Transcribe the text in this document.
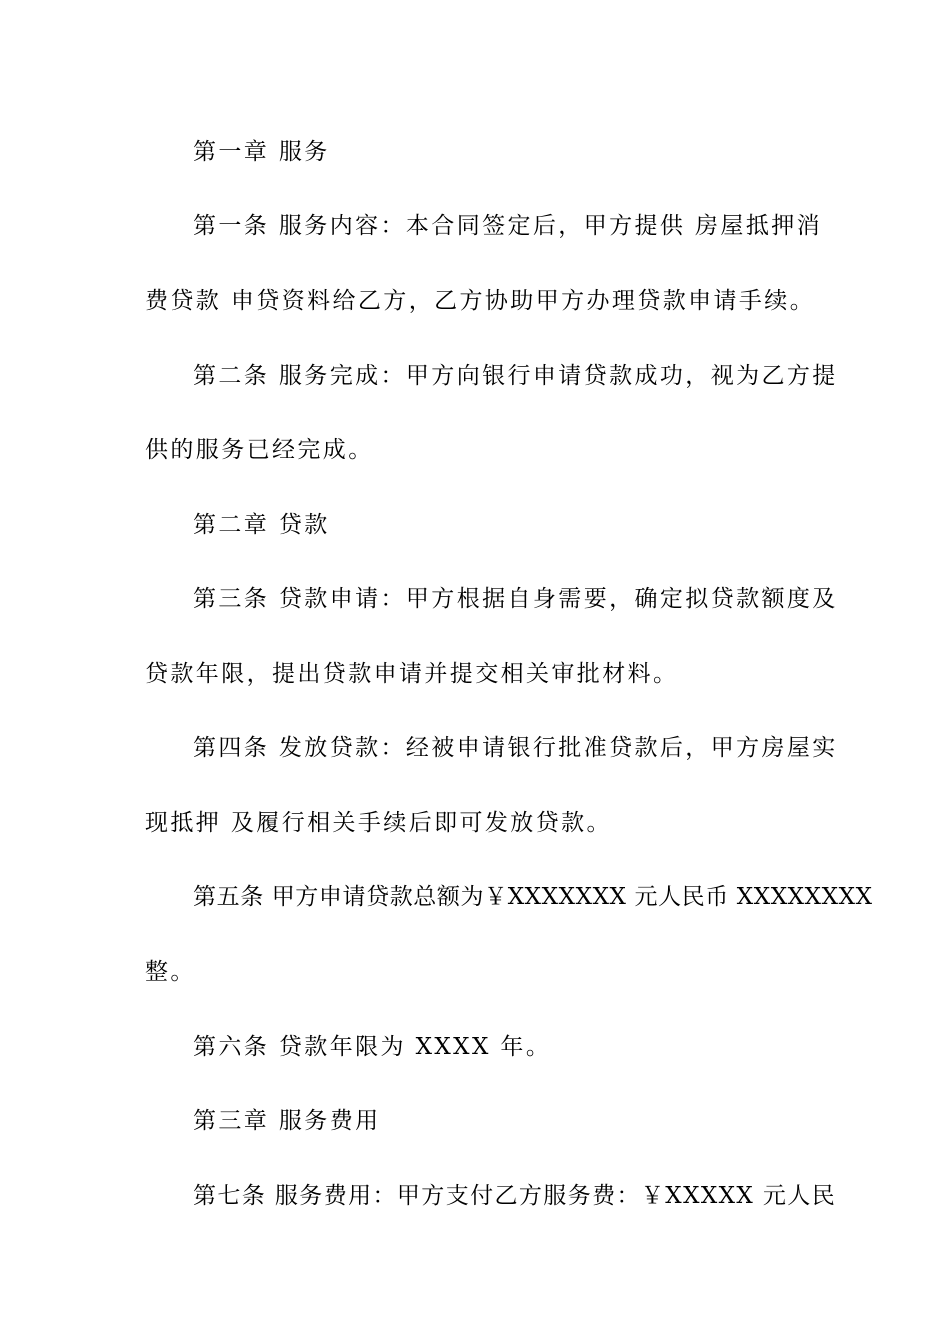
第一章 服务
第一条 服务内容：本合同签定后，甲方提供 房屋抵押消
费贷款 申贷资料给乙方，乙方协助甲方办理贷款申请手续。
第二条 服务完成：甲方向银行申请贷款成功，视为乙方提
供的服务已经完成。
第二章 贷款
第三条 贷款申请：甲方根据自身需要，确定拟贷款额度及
贷款年限，提出贷款申请并提交相关审批材料。
第四条 发放贷款：经被申请银行批准贷款后，甲方房屋实
现抵押 及履行相关手续后即可发放贷款。
第五条 甲方申请贷款总额为￥XXXXXXX 元人民币 XXXXXXXX
整。
第六条 贷款年限为 XXXX 年。
第三章 服务费用
第七条 服务费用：甲方支付乙方服务费：￥XXXXX 元人民
